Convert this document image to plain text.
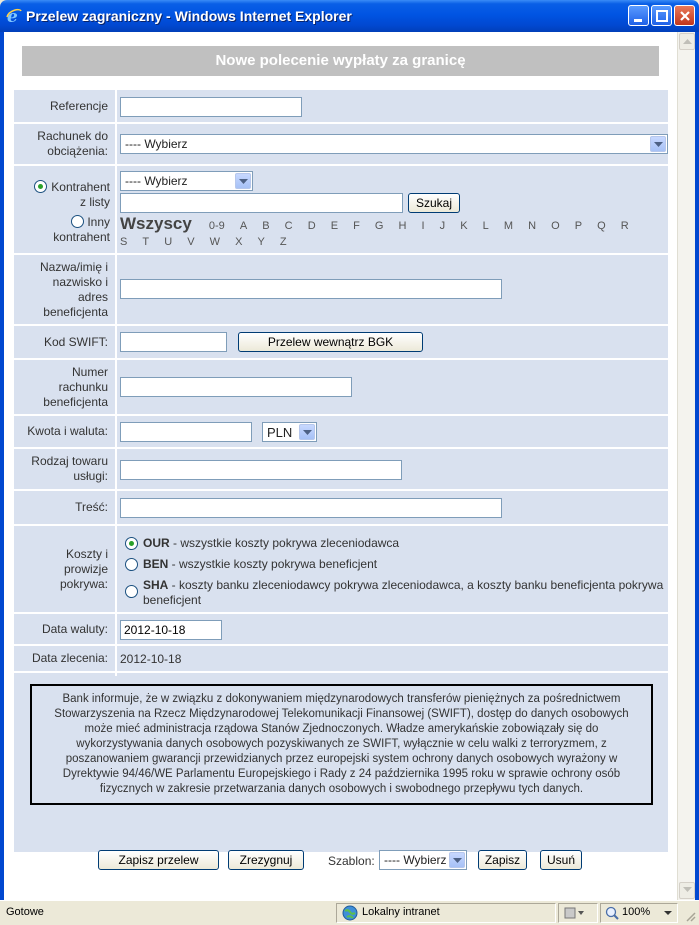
e Przelew zagraniczny - Windows Internet Explorer
Nowe polecenie wypłaty za granicę
Referencje
Rachunek do obciążenia:	---- Wybierz
Kontrahent z listy
Inny kontrahent
---- Wybierz
Szukaj
Wszyscy 0-9 A B C D E F G H I J K L M N O P Q R S T U V W X Y Z
Nazwa/imię i nazwisko i adres beneficjenta
Kod SWIFT:	Przelew wewnątrz BGK
Numer rachunku beneficjenta
Kwota i waluta:	PLN
Rodzaj towaru usługi:
Treść:
Koszty i prowizje pokrywa:
OUR - wszystkie koszty pokrywa zleceniodawca
BEN - wszystkie koszty pokrywa beneficjent
SHA - koszty banku zleceniodawcy pokrywa zleceniodawca, a koszty banku beneficjenta pokrywa beneficjent
Data waluty:
2012-10-18
Data zlecenia:	2012-10-18
Bank informuje, że w związku z dokonywaniem międzynarodowych transferów pieniężnych za pośrednictwem Stowarzyszenia na Rzecz Międzynarodowej Telekomunikacji Finansowej (SWIFT), dostęp do danych osobowych może mieć administracja rządowa Stanów Zjednoczonych. Władze amerykańskie zobowiązały się do wykorzystywania danych osobowych pozyskiwanych ze SWIFT, wyłącznie w celu walki z terroryzmem, z poszanowaniem gwarancji przewidzianych przez europejski system ochrony danych osobowych wyrażony w Dyrektywie 94/46/WE Parlamentu Europejskiego i Rady z 24 października 1995 roku w sprawie ochrony osób fizycznych w zakresie przetwarzania danych osobowych i swobodnego przepływu tych danych.
Zapisz przelew	Zrezygnuj	Szablon: ---- Wybierz	Zapisz	Usuń
Gotowe	Lokalny intranet	100%
